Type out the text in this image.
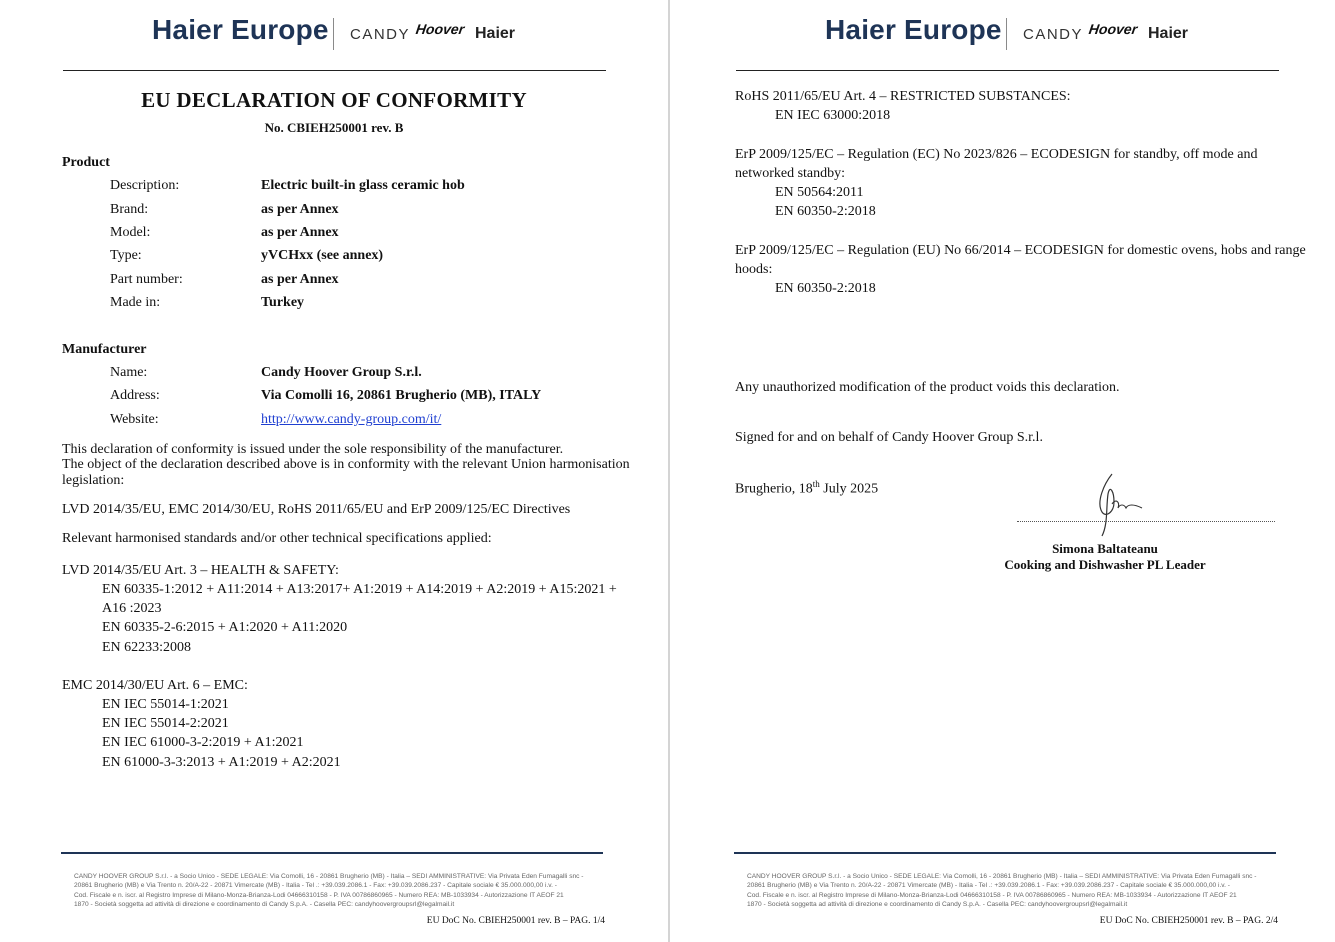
Haier Europe CANDY Hoover Haier
EU DECLARATION OF CONFORMITY
No. CBIEH250001 rev. B
Product
Description:	Electric built-in glass ceramic hob
Brand:	as per Annex
Model:	as per Annex
Type:	yVCHxx (see annex)
Part number:	as per Annex
Made in:	Turkey
Manufacturer
Name:	Candy Hoover Group S.r.l.
Address:	Via Comolli 16, 20861 Brugherio (MB), ITALY
Website:	http://www.candy-group.com/it/
This declaration of conformity is issued under the sole responsibility of the manufacturer.
The object of the declaration described above is in conformity with the relevant Union harmonisation
legislation:
LVD 2014/35/EU, EMC 2014/30/EU, RoHS 2011/65/EU and ErP 2009/125/EC Directives
Relevant harmonised standards and/or other technical specifications applied:
LVD 2014/35/EU Art. 3 – HEALTH & SAFETY:
EN 60335-1:2012 + A11:2014 + A13:2017+ A1:2019 + A14:2019 + A2:2019 + A15:2021 +
A16 :2023
EN 60335-2-6:2015 + A1:2020 + A11:2020
EN 62233:2008
EMC 2014/30/EU Art. 6 – EMC:
EN IEC 55014-1:2021
EN IEC 55014-2:2021
EN IEC 61000-3-2:2019 + A1:2021
EN 61000-3-3:2013 + A1:2019 + A2:2021
CANDY HOOVER GROUP S.r.l. - a Socio Unico - SEDE LEGALE: Via Comolli, 16 - 20861 Brugherio (MB) - Italia – SEDI AMMINISTRATIVE: Via Privata Eden Fumagalli snc -
20861 Brugherio (MB) e Via Trento n. 20/A-22 - 20871 Vimercate (MB) - Italia - Tel .: +39.039.2086.1 - Fax: +39.039.2086.237 - Capitale sociale € 35.000.000,00 i.v. -
Cod. Fiscale e n. iscr. al Registro Imprese di Milano-Monza-Brianza-Lodi 04666310158 - P. IVA 00786860965 - Numero REA: MB-1033934 - Autorizzazione IT AEOF 21
1870 - Società soggetta ad attività di direzione e coordinamento di Candy S.p.A. - Casella PEC: candyhoovergroupsrl@legalmail.it
EU DoC No. CBIEH250001 rev. B – PAG. 1/4
Haier Europe CANDY Hoover Haier
RoHS 2011/65/EU Art. 4 – RESTRICTED SUBSTANCES:
EN IEC 63000:2018
ErP 2009/125/EC – Regulation (EC) No 2023/826 – ECODESIGN for standby, off mode and
networked standby:
EN 50564:2011
EN 60350-2:2018
ErP 2009/125/EC – Regulation (EU) No 66/2014 – ECODESIGN for domestic ovens, hobs and range
hoods:
EN 60350-2:2018
Any unauthorized modification of the product voids this declaration.
Signed for and on behalf of Candy Hoover Group S.r.l.
Brugherio, 18th July 2025
Simona Baltateanu
Cooking and Dishwasher PL Leader
CANDY HOOVER GROUP S.r.l. - a Socio Unico - SEDE LEGALE: Via Comolli, 16 - 20861 Brugherio (MB) - Italia – SEDI AMMINISTRATIVE: Via Privata Eden Fumagalli snc -
20861 Brugherio (MB) e Via Trento n. 20/A-22 - 20871 Vimercate (MB) - Italia - Tel .: +39.039.2086.1 - Fax: +39.039.2086.237 - Capitale sociale € 35.000.000,00 i.v. -
Cod. Fiscale e n. iscr. al Registro Imprese di Milano-Monza-Brianza-Lodi 04666310158 - P. IVA 00786860965 - Numero REA: MB-1033934 - Autorizzazione IT AEOF 21
1870 - Società soggetta ad attività di direzione e coordinamento di Candy S.p.A. - Casella PEC: candyhoovergroupsrl@legalmail.it
EU DoC No. CBIEH250001 rev. B – PAG. 2/4
